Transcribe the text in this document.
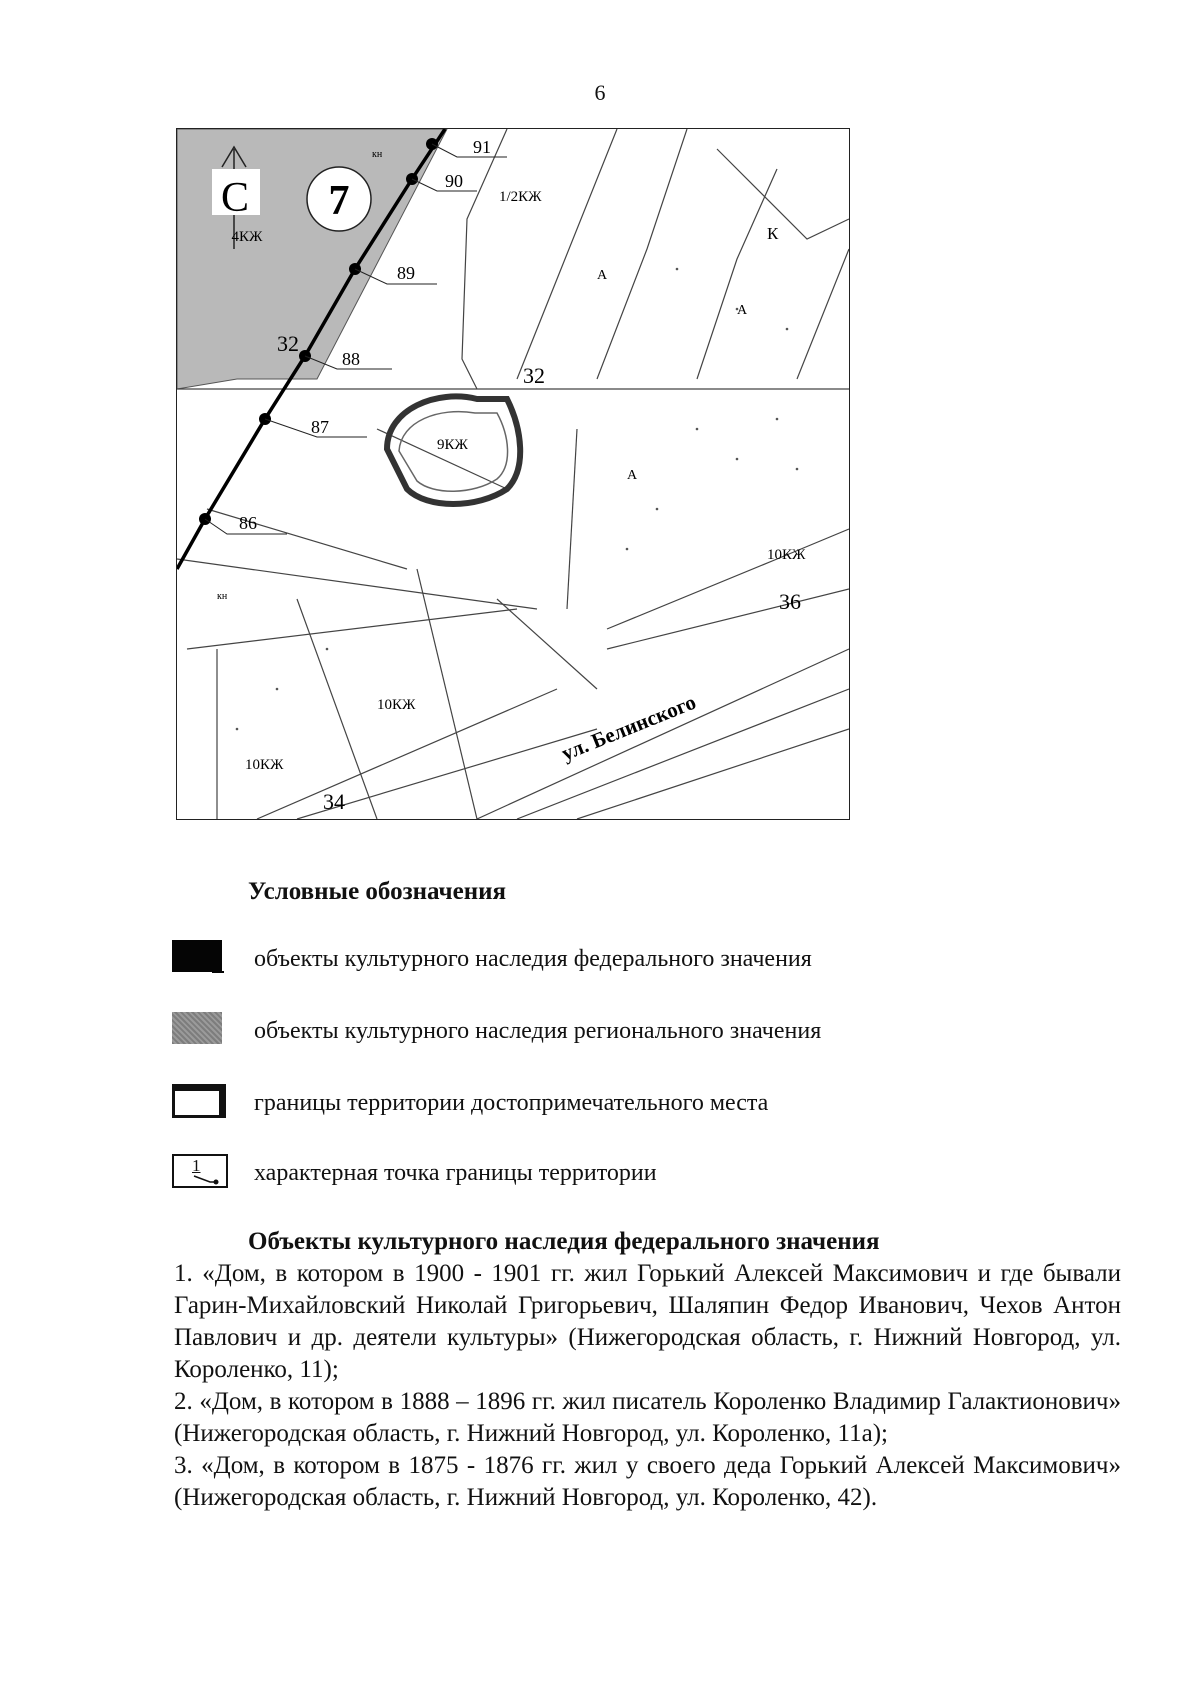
6
С 7
4КЖ
1/2КЖ
9КЖ
10КЖ
10КЖ
10КЖ
К
А
А
А
кн
кн
32
32
34
36
91
90
89
88
87
86
ул. Белинского
Условные обозначения
объекты культурного наследия федерального значения
объекты культурного наследия регионального значения
границы территории достопримечательного места
1 характерная точка границы территории
Объекты культурного наследия федерального значения

1. «Дом, в котором в 1900 - 1901 гг. жил Горький Алексей Максимович и где бывали Гарин-Михайловский Николай Григорьевич, Шаляпин Федор Иванович, Чехов Антон Павлович и др. деятели культуры» (Нижегородская область, г. Нижний Новгород, ул. Короленко, 11);

2. «Дом, в котором в 1888 – 1896 гг. жил писатель Короленко Владимир Галактионович» (Нижегородская область, г. Нижний Новгород, ул. Короленко, 11а);

3. «Дом, в котором в 1875 - 1876 гг. жил у своего деда Горький Алексей Максимович» (Нижегородская область, г. Нижний Новгород, ул. Короленко, 42).
